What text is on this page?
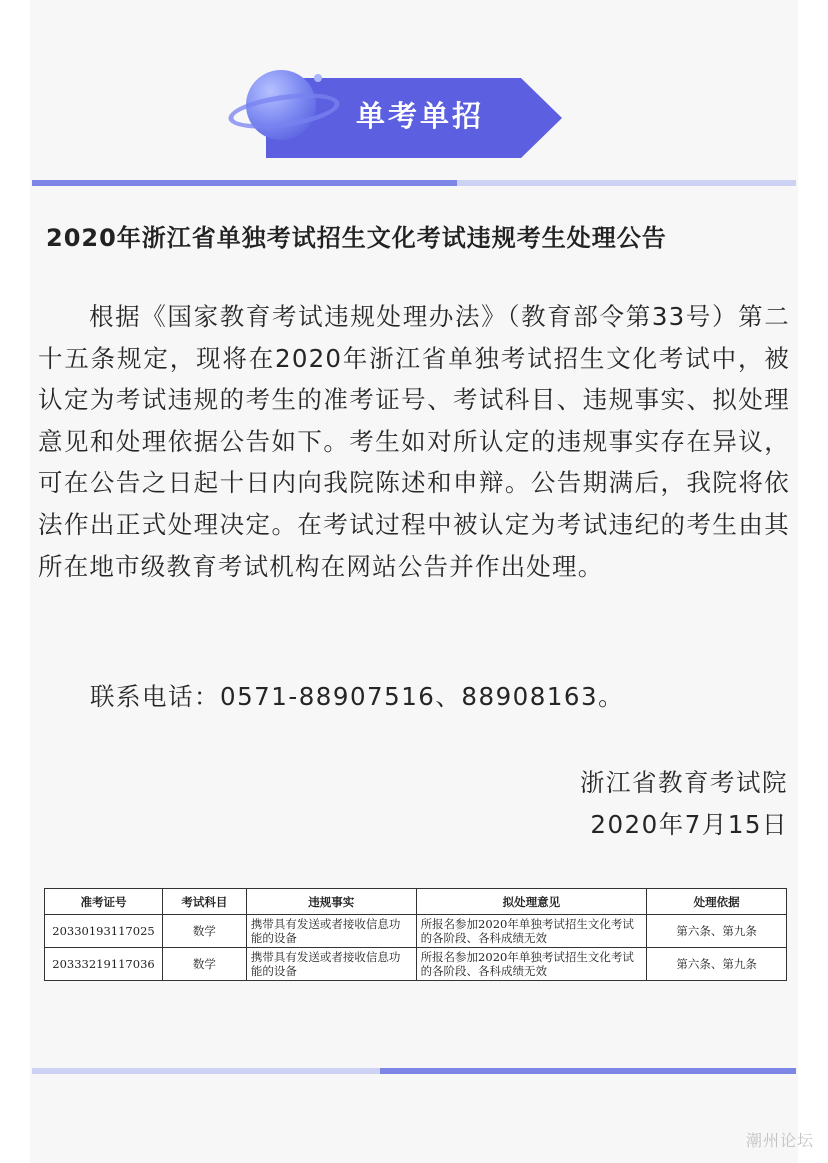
单考单招
2020年浙江省单独考试招生文化考试违规考生处理公告

根据《国家教育考试违规处理办法》（教育部令第33号）第二十五条规定，现将在2020年浙江省单独考试招生文化考试中，被认定为考试违规的考生的准考证号、考试科目、违规事实、拟处理意见和处理依据公告如下。考生如对所认定的违规事实存在异议，可在公告之日起十日内向我院陈述和申辩。公告期满后，我院将依法作出正式处理决定。在考试过程中被认定为考试违纪的考生由其所在地市级教育考试机构在网站公告并作出处理。

联系电话：0571-88907516、88908163。
浙江省教育考试院
2020年7月15日
准考证号	考试科目	违规事实	拟处理意见	处理依据
20330193117025	数学	携带具有发送或者接收信息功能的设备	所报名参加2020年单独考试招生文化考试的各阶段、各科成绩无效	第六条、第九条
20333219117036	数学	携带具有发送或者接收信息功能的设备	所报名参加2020年单独考试招生文化考试的各阶段、各科成绩无效	第六条、第九条
潮州论坛
